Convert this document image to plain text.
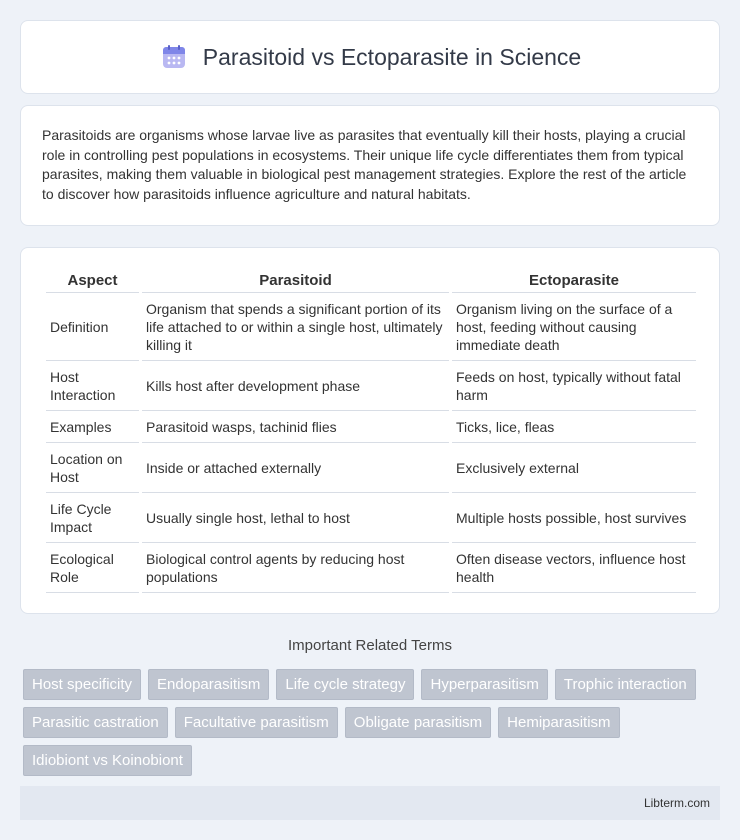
Parasitoid vs Ectoparasite in Science

Parasitoids are organisms whose larvae live as parasites that eventually kill their hosts, playing a crucial role in controlling pest populations in ecosystems. Their unique life cycle differentiates them from typical parasites, making them valuable in biological pest management strategies. Explore the rest of the article to discover how parasitoids influence agriculture and natural habitats.

Aspect	Parasitoid	Ectoparasite
Definition	Organism that spends a significant portion of its life attached to or within a single host, ultimately killing it	Organism living on the surface of a host, feeding without causing immediate death
Host Interaction	Kills host after development phase	Feeds on host, typically without fatal harm
Examples	Parasitoid wasps, tachinid flies	Ticks, lice, fleas
Location on Host	Inside or attached externally	Exclusively external
Life Cycle Impact	Usually single host, lethal to host	Multiple hosts possible, host survives
Ecological Role	Biological control agents by reducing host populations	Often disease vectors, influence host health
Important Related Terms
Host specificity	Endoparasitism	Life cycle strategy	Hyperparasitism	Trophic interaction
Parasitic castration	Facultative parasitism	Obligate parasitism	Hemiparasitism
Idiobiont vs Koinobiont
Libterm.com
